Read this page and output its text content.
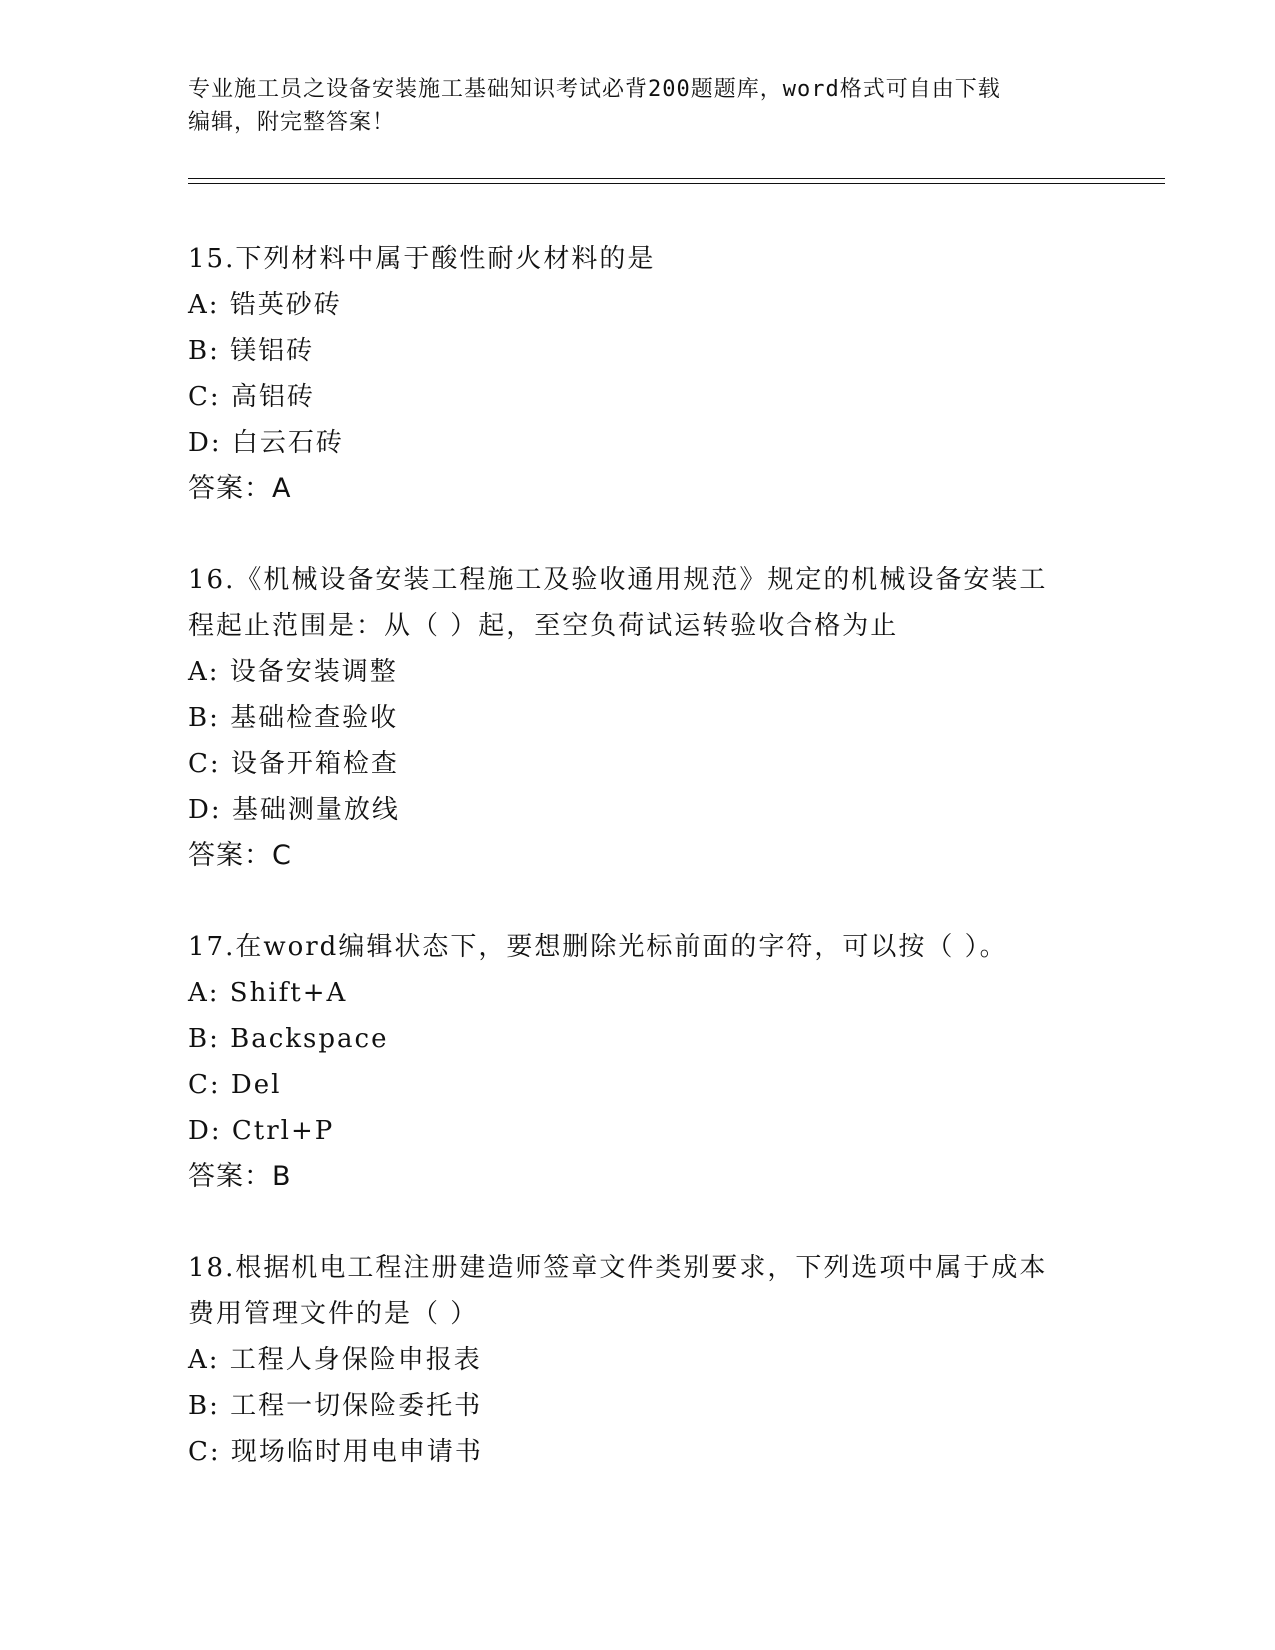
专业施工员之设备安装施工基础知识考试必背200题题库，word格式可自由下载
编辑，附完整答案！
15.下列材料中属于酸性耐火材料的是
A: 锆英砂砖
B: 镁铝砖
C: 高铝砖
D: 白云石砖
答案：A
16.《机械设备安装工程施工及验收通用规范》规定的机械设备安装工
程起止范围是：从（ ）起，至空负荷试运转验收合格为止
A: 设备安装调整
B: 基础检查验收
C: 设备开箱检查
D: 基础测量放线
答案：C
17.在word编辑状态下，要想删除光标前面的字符，可以按（ ）。
A: Shift+A
B: Backspace
C: Del
D: Ctrl+P
答案：B
18.根据机电工程注册建造师签章文件类别要求，下列选项中属于成本
费用管理文件的是（ ）
A: 工程人身保险申报表
B: 工程一切保险委托书
C: 现场临时用电申请书
